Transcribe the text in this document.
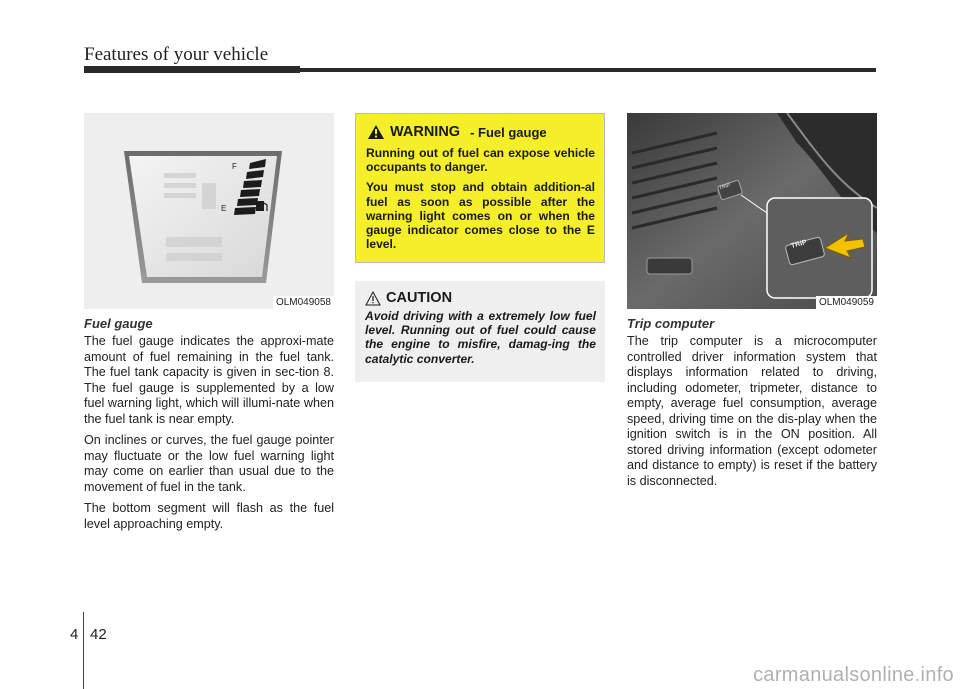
Features of your vehicle
F
E
OLM049058
Fuel gauge

The fuel gauge indicates the approxi-mate amount of fuel remaining in the fuel tank. The fuel tank capacity is given in sec-tion 8. The fuel gauge is supplemented by a low fuel warning light, which will illumi-nate when the fuel tank is near empty.

On inclines or curves, the fuel gauge pointer may fluctuate or the low fuel warning light may come on earlier than usual due to the movement of fuel in the tank.

The bottom segment will flash as the fuel level approaching empty.

WARNING - Fuel gauge

Running out of fuel can expose vehicle occupants to danger.

You must stop and obtain addition-al fuel as soon as possible after the warning light comes on or when the gauge indicator comes close to the E level.

CAUTION

Avoid driving with a extremely low fuel level. Running out of fuel could cause the engine to misfire, damag-ing the catalytic converter.

TRIP
TRIP
OLM049059
Trip computer

The trip computer is a microcomputer controlled driver information system that displays information related to driving, including odometer, tripmeter, distance to empty, average fuel consumption, average speed, driving time on the dis-play when the ignition switch is in the ON position. All stored driving information (except odometer and distance to empty) is reset if the battery is disconnected.

4 42
carmanualsonline.info
